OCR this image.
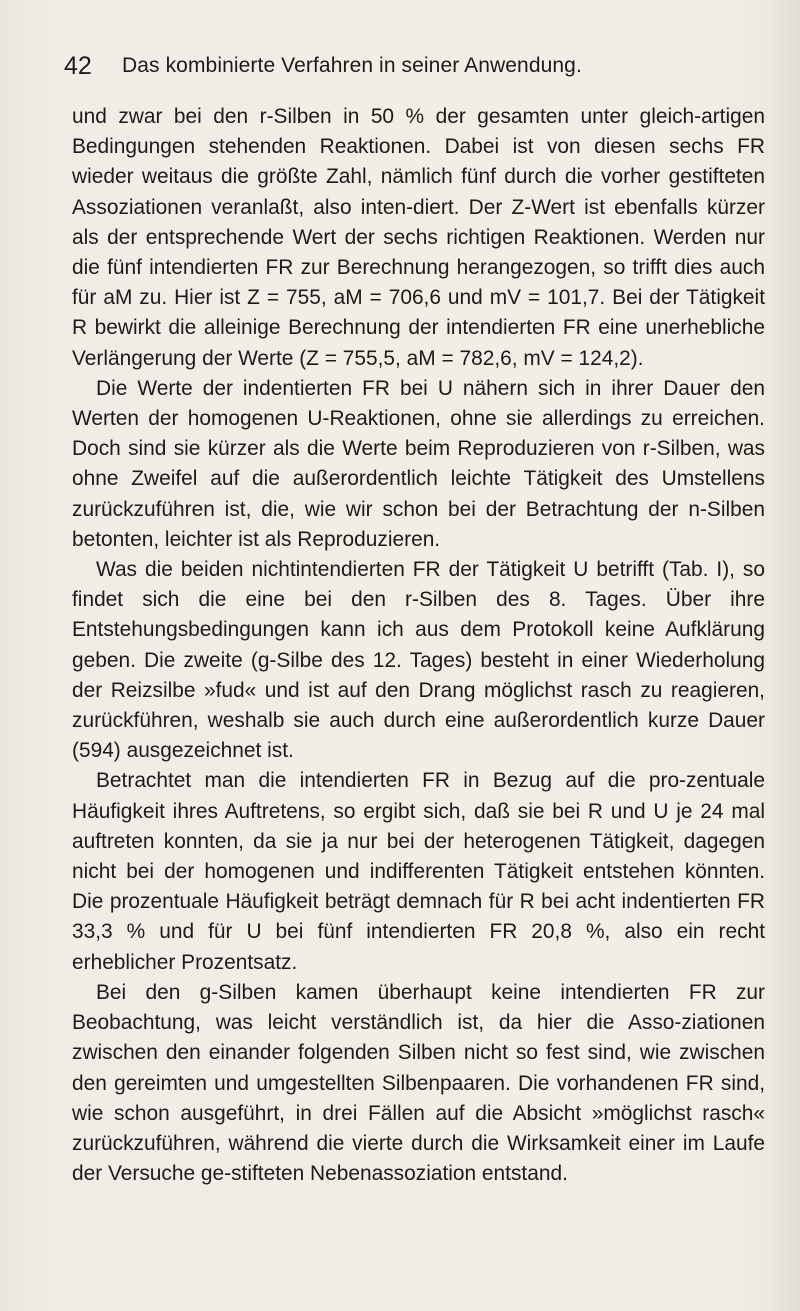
42 Das kombinierte Verfahren in seiner Anwendung.

und zwar bei den r-Silben in 50 % der gesamten unter gleich-artigen Bedingungen stehenden Reaktionen. Dabei ist von diesen sechs FR wieder weitaus die größte Zahl, nämlich fünf durch die vorher gestifteten Assoziationen veranlaßt, also inten-diert. Der Z-Wert ist ebenfalls kürzer als der entsprechende Wert der sechs richtigen Reaktionen. Werden nur die fünf intendierten FR zur Berechnung herangezogen, so trifft dies auch für aM zu. Hier ist Z = 755, aM = 706,6 und mV = 101,7. Bei der Tätigkeit R bewirkt die alleinige Berechnung der intendierten FR eine unerhebliche Verlängerung der Werte (Z = 755,5, aM = 782,6, mV = 124,2).

Die Werte der indentierten FR bei U nähern sich in ihrer Dauer den Werten der homogenen U-Reaktionen, ohne sie allerdings zu erreichen. Doch sind sie kürzer als die Werte beim Reproduzieren von r-Silben, was ohne Zweifel auf die außerordentlich leichte Tätigkeit des Umstellens zurückzuführen ist, die, wie wir schon bei der Betrachtung der n-Silben betonten, leichter ist als Reproduzieren.

Was die beiden nichtintendierten FR der Tätigkeit U betrifft (Tab. I), so findet sich die eine bei den r-Silben des 8. Tages. Über ihre Entstehungsbedingungen kann ich aus dem Protokoll keine Aufklärung geben. Die zweite (g-Silbe des 12. Tages) besteht in einer Wiederholung der Reizsilbe »fud« und ist auf den Drang möglichst rasch zu reagieren, zurückführen, weshalb sie auch durch eine außerordentlich kurze Dauer (594) ausgezeichnet ist.

Betrachtet man die intendierten FR in Bezug auf die pro-zentuale Häufigkeit ihres Auftretens, so ergibt sich, daß sie bei R und U je 24 mal auftreten konnten, da sie ja nur bei der heterogenen Tätigkeit, dagegen nicht bei der homogenen und indifferenten Tätigkeit entstehen könnten. Die prozentuale Häufigkeit beträgt demnach für R bei acht indentierten FR 33,3 % und für U bei fünf intendierten FR 20,8 %, also ein recht erheblicher Prozentsatz.

Bei den g-Silben kamen überhaupt keine intendierten FR zur Beobachtung, was leicht verständlich ist, da hier die Asso-ziationen zwischen den einander folgenden Silben nicht so fest sind, wie zwischen den gereimten und umgestellten Silbenpaaren. Die vorhandenen FR sind, wie schon ausgeführt, in drei Fällen auf die Absicht »möglichst rasch« zurückzuführen, während die vierte durch die Wirksamkeit einer im Laufe der Versuche ge-stifteten Nebenassoziation entstand.
